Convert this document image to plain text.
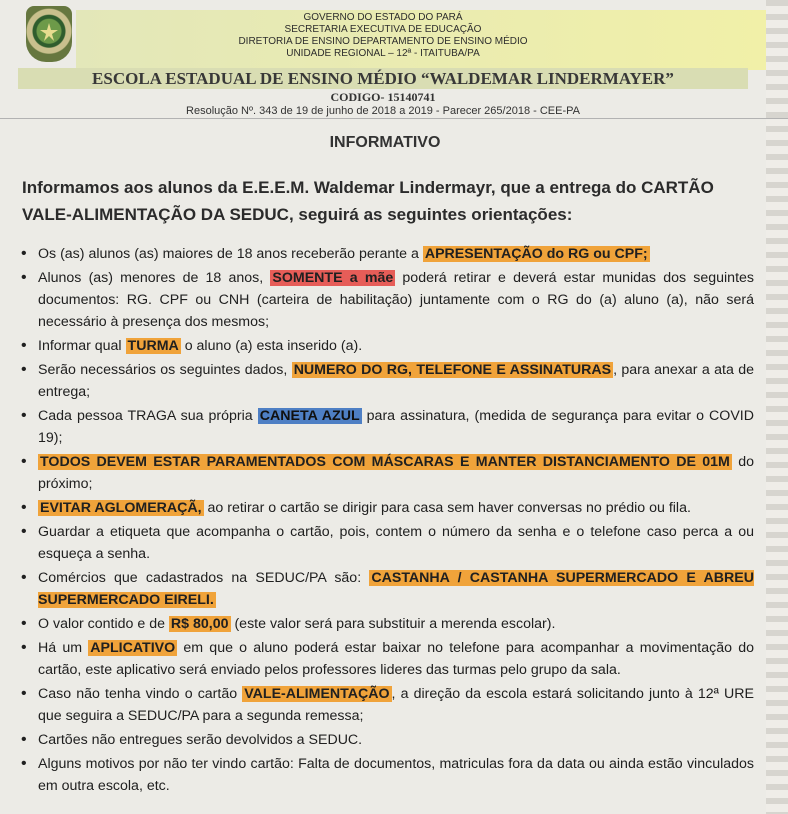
GOVERNO DO ESTADO DO PARÁ
SECRETARIA EXECUTIVA DE EDUCAÇÃO
DIRETORIA DE ENSINO DEPARTAMENTO DE ENSINO MÉDIO
UNIDADE REGIONAL – 12ª - ITAITUBA/PA
ESCOLA ESTADUAL DE ENSINO MÉDIO “WALDEMAR LINDERMAYER”
CODIGO- 15140741
Resolução Nº. 343 de 19 de junho de 2018 a 2019 - Parecer 265/2018 - CEE-PA
INFORMATIVO
Informamos aos alunos da E.E.E.M. Waldemar Lindermayr, que a entrega do CARTÃO VALE-ALIMENTAÇÃO DA SEDUC, seguirá as seguintes orientações:
• Os (as) alunos (as) maiores de 18 anos receberão perante a APRESENTAÇÃO do RG ou CPF;
• Alunos (as) menores de 18 anos, SOMENTE a mãe poderá retirar e deverá estar munidas dos seguintes documentos: RG. CPF ou CNH (carteira de habilitação) juntamente com o RG do (a) aluno (a), não será necessário à presença dos mesmos;
• Informar qual TURMA o aluno (a) esta inserido (a).
• Serão necessários os seguintes dados, NUMERO DO RG, TELEFONE E ASSINATURAS , para anexar a ata de entrega;
• Cada pessoa TRAGA sua própria CANETA AZUL para assinatura, (medida de segurança para evitar o COVID 19);
• TODOS DEVEM ESTAR PARAMENTADOS COM MÁSCARAS E MANTER DISTANCIAMENTO DE 01M do próximo;
• EVITAR AGLOMERAÇÃ, ao retirar o cartão se dirigir para casa sem haver conversas no prédio ou fila.
• Guardar a etiqueta que acompanha o cartão, pois, contem o número da senha e o telefone caso perca a ou esqueça a senha.
• Comércios que cadastrados na SEDUC/PA são: CASTANHA / CASTANHA SUPERMERCADO E ABREU SUPERMERCADO EIRELI.
• O valor contido e de R$ 80,00 (este valor será para substituir a merenda escolar).
• Há um APLICATIVO em que o aluno poderá estar baixar no telefone para acompanhar a movimentação do cartão, este aplicativo será enviado pelos professores lideres das turmas pelo grupo da sala.
• Caso não tenha vindo o cartão VALE-ALIMENTAÇÃO , a direção da escola estará solicitando junto à 12ª URE que seguira a SEDUC/PA para a segunda remessa;
• Cartões não entregues serão devolvidos a SEDUC.
• Alguns motivos por não ter vindo cartão: Falta de documentos, matriculas fora da data ou ainda estão vinculados em outra escola, etc.
